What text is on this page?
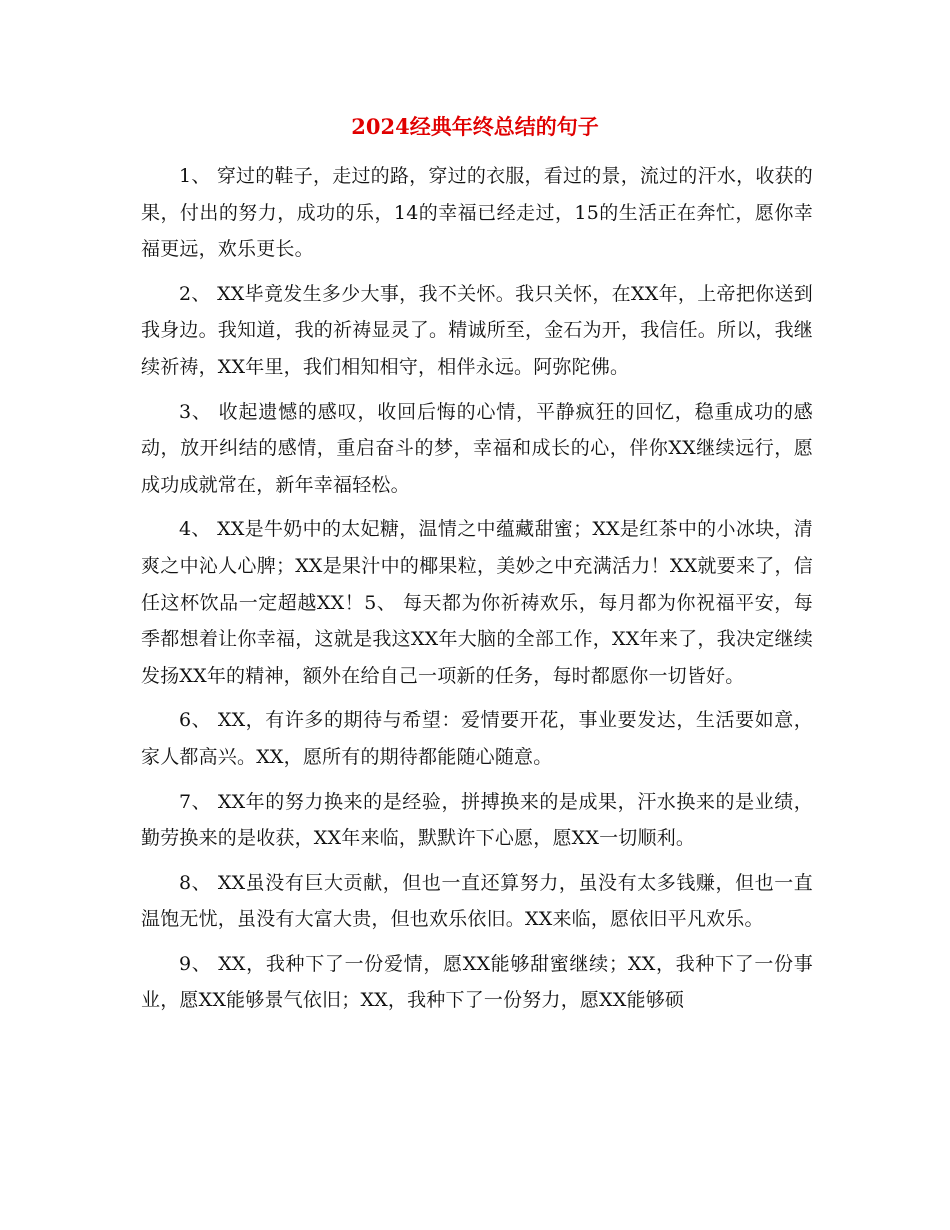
2024经典年终总结的句子

1、 穿过的鞋子，走过的路，穿过的衣服，看过的景，流过的汗水，收获的果，付出的努力，成功的乐，14的幸福已经走过，15的生活正在奔忙，愿你幸福更远，欢乐更长。

2、 XX毕竟发生多少大事，我不关怀。我只关怀，在XX年，上帝把你送到我身边。我知道，我的祈祷显灵了。精诚所至，金石为开，我信任。所以，我继续祈祷，XX年里，我们相知相守，相伴永远。阿弥陀佛。

3、 收起遗憾的感叹，收回后悔的心情，平静疯狂的回忆，稳重成功的感动，放开纠结的感情，重启奋斗的梦，幸福和成长的心，伴你XX继续远行，愿成功成就常在，新年幸福轻松。

4、 XX是牛奶中的太妃糖，温情之中蕴藏甜蜜；XX是红茶中的小冰块，清爽之中沁人心脾；XX是果汁中的椰果粒，美妙之中充满活力！XX就要来了，信任这杯饮品一定超越XX！5、 每天都为你祈祷欢乐，每月都为你祝福平安，每季都想着让你幸福，这就是我这XX年大脑的全部工作，XX年来了，我决定继续发扬XX年的精神，额外在给自己一项新的任务，每时都愿你一切皆好。

6、 XX，有许多的期待与希望：爱情要开花，事业要发达，生活要如意，家人都高兴。XX，愿所有的期待都能随心随意。

7、 XX年的努力换来的是经验，拼搏换来的是成果，汗水换来的是业绩，勤劳换来的是收获，XX年来临，默默许下心愿，愿XX一切顺利。

8、 XX虽没有巨大贡献，但也一直还算努力，虽没有太多钱赚，但也一直温饱无忧，虽没有大富大贵，但也欢乐依旧。XX来临，愿依旧平凡欢乐。

9、 XX，我种下了一份爱情，愿XX能够甜蜜继续；XX，我种下了一份事业，愿XX能够景气依旧；XX，我种下了一份努力，愿XX能够硕
